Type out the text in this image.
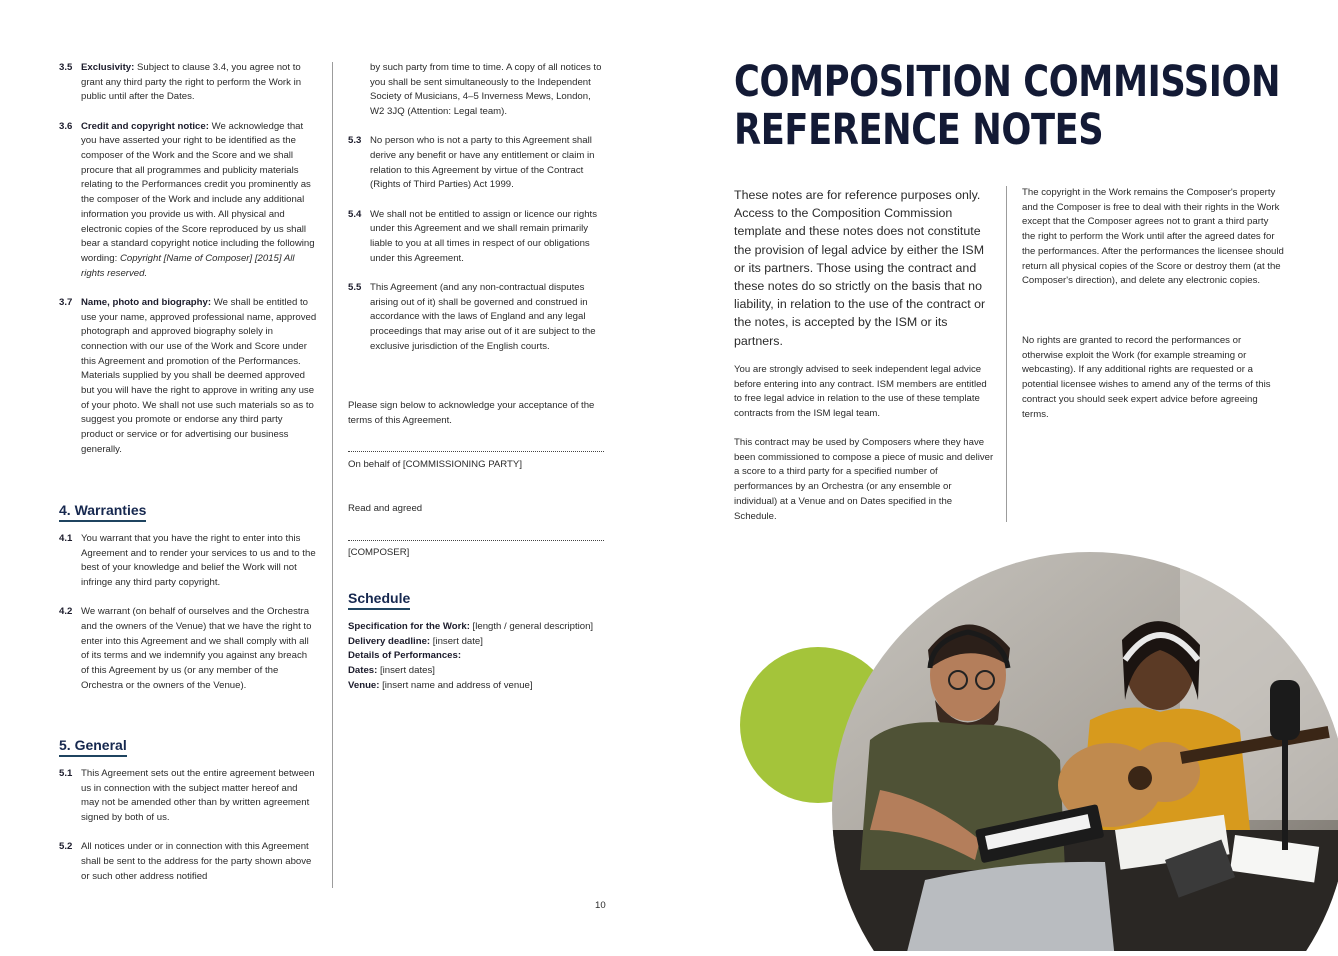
3.5 Exclusivity: Subject to clause 3.4, you agree not to grant any third party the right to perform the Work in public until after the Dates.
3.6 Credit and copyright notice: We acknowledge that you have asserted your right to be identified as the composer of the Work and the Score and we shall procure that all programmes and publicity materials relating to the Performances credit you prominently as the composer of the Work and include any additional information you provide us with. All physical and electronic copies of the Score reproduced by us shall bear a standard copyright notice including the following wording: Copyright [Name of Composer] [2015] All rights reserved.
3.7 Name, photo and biography: We shall be entitled to use your name, approved professional name, approved photograph and approved biography solely in connection with our use of the Work and Score under this Agreement and promotion of the Performances. Materials supplied by you shall be deemed approved but you will have the right to approve in writing any use of your photo. We shall not use such materials so as to suggest you promote or endorse any third party product or service or for advertising our business generally.
4. Warranties
4.1 You warrant that you have the right to enter into this Agreement and to render your services to us and to the best of your knowledge and belief the Work will not infringe any third party copyright.
4.2 We warrant (on behalf of ourselves and the Orchestra and the owners of the Venue) that we have the right to enter into this Agreement and we shall comply with all of its terms and we indemnify you against any breach of this Agreement by us (or any member of the Orchestra or the owners of the Venue).
5. General
5.1 This Agreement sets out the entire agreement between us in connection with the subject matter hereof and may not be amended other than by written agreement signed by both of us.
5.2 All notices under or in connection with this Agreement shall be sent to the address for the party shown above or such other address notified
by such party from time to time. A copy of all notices to you shall be sent simultaneously to the Independent Society of Musicians, 4–5 Inverness Mews, London, W2 3JQ (Attention: Legal team).
5.3 No person who is not a party to this Agreement shall derive any benefit or have any entitlement or claim in relation to this Agreement by virtue of the Contract (Rights of Third Parties) Act 1999.
5.4 We shall not be entitled to assign or licence our rights under this Agreement and we shall remain primarily liable to you at all times in respect of our obligations under this Agreement.
5.5 This Agreement (and any non-contractual disputes arising out of it) shall be governed and construed in accordance with the laws of England and any legal proceedings that may arise out of it are subject to the exclusive jurisdiction of the English courts.
Please sign below to acknowledge your acceptance of the terms of this Agreement.
On behalf of [COMMISSIONING PARTY]
Read and agreed
[COMPOSER]
Schedule
Specification for the Work: [length / general description]
Delivery deadline: [insert date]
Details of Performances:
Dates: [insert dates]
Venue: [insert name and address of venue]
10
COMPOSITION COMMISSION
REFERENCE NOTES
These notes are for reference purposes only. Access to the Composition Commission template and these notes does not constitute the provision of legal advice by either the ISM or its partners. Those using the contract and these notes do so strictly on the basis that no liability, in relation to the use of the contract or the notes, is accepted by the ISM or its partners.
You are strongly advised to seek independent legal advice before entering into any contract. ISM members are entitled to free legal advice in relation to the use of these template contracts from the ISM legal team.
This contract may be used by Composers where they have been commissioned to compose a piece of music and deliver a score to a third party for a specified number of performances by an Orchestra (or any ensemble or individual) at a Venue and on Dates specified in the Schedule.
The copyright in the Work remains the Composer's property and the Composer is free to deal with their rights in the Work except that the Composer agrees not to grant a third party the right to perform the Work until after the agreed dates for the performances. After the performances the licensee should return all physical copies of the Score or destroy them (at the Composer's direction), and delete any electronic copies.
No rights are granted to record the performances or otherwise exploit the Work (for example streaming or webcasting). If any additional rights are requested or a potential licensee wishes to amend any of the terms of this contract you should seek expert advice before agreeing terms.
